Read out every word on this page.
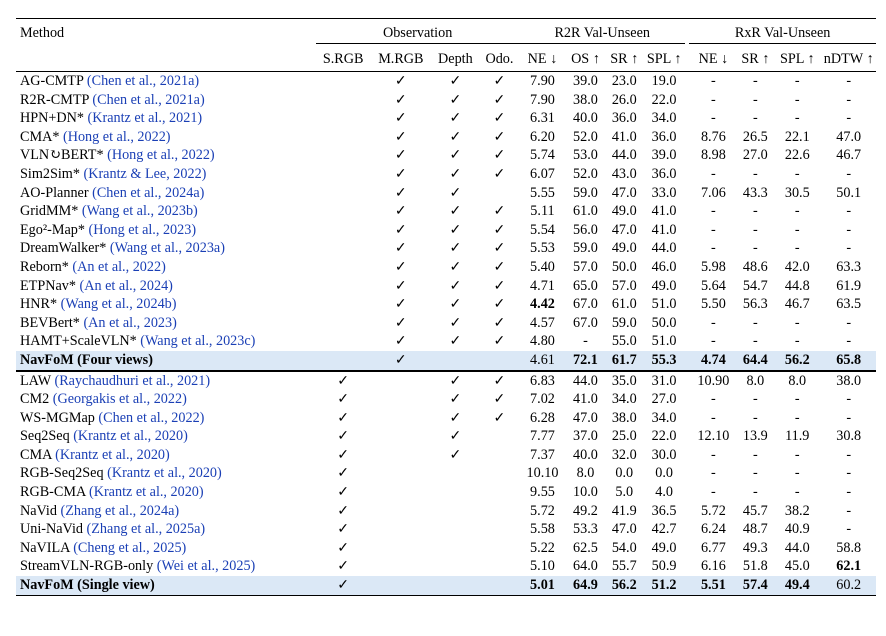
Method	Observation				R2R Val-Unseen					RxR Val-Unseen			
	S.RGB	M.RGB	Depth	Odo.	NE ↓	OS ↑	SR ↑	SPL ↑		NE ↓	SR ↑	SPL ↑	nDTW ↑
AG-CMTP (Chen et al., 2021a)		✓	✓	✓	7.90	39.0	23.0	19.0		-	-	-	-
R2R-CMTP (Chen et al., 2021a)		✓	✓	✓	7.90	38.0	26.0	22.0		-	-	-	-
HPN+DN* (Krantz et al., 2021)		✓	✓	✓	6.31	40.0	36.0	34.0		-	-	-	-
CMA* (Hong et al., 2022)		✓	✓	✓	6.20	52.0	41.0	36.0		8.76	26.5	22.1	47.0
VLN↻BERT* (Hong et al., 2022)		✓	✓	✓	5.74	53.0	44.0	39.0		8.98	27.0	22.6	46.7
Sim2Sim* (Krantz & Lee, 2022)		✓	✓	✓	6.07	52.0	43.0	36.0		-	-	-	-
AO-Planner (Chen et al., 2024a)		✓	✓		5.55	59.0	47.0	33.0		7.06	43.3	30.5	50.1
GridMM* (Wang et al., 2023b)		✓	✓	✓	5.11	61.0	49.0	41.0		-	-	-	-
Ego²-Map* (Hong et al., 2023)		✓	✓	✓	5.54	56.0	47.0	41.0		-	-	-	-
DreamWalker* (Wang et al., 2023a)		✓	✓	✓	5.53	59.0	49.0	44.0		-	-	-	-
Reborn* (An et al., 2022)		✓	✓	✓	5.40	57.0	50.0	46.0		5.98	48.6	42.0	63.3
ETPNav* (An et al., 2024)		✓	✓	✓	4.71	65.0	57.0	49.0		5.64	54.7	44.8	61.9
HNR* (Wang et al., 2024b)		✓	✓	✓	4.42	67.0	61.0	51.0		5.50	56.3	46.7	63.5
BEVBert* (An et al., 2023)		✓	✓	✓	4.57	67.0	59.0	50.0		-	-	-	-
HAMT+ScaleVLN* (Wang et al., 2023c)		✓	✓	✓	4.80	-	55.0	51.0		-	-	-	-
NavFoM (Four views)		✓			4.61	72.1	61.7	55.3		4.74	64.4	56.2	65.8
LAW (Raychaudhuri et al., 2021)	✓		✓	✓	6.83	44.0	35.0	31.0		10.90	8.0	8.0	38.0
CM2 (Georgakis et al., 2022)	✓		✓	✓	7.02	41.0	34.0	27.0		-	-	-	-
WS-MGMap (Chen et al., 2022)	✓		✓	✓	6.28	47.0	38.0	34.0		-	-	-	-
Seq2Seq (Krantz et al., 2020)	✓		✓		7.77	37.0	25.0	22.0		12.10	13.9	11.9	30.8
CMA (Krantz et al., 2020)	✓		✓		7.37	40.0	32.0	30.0		-	-	-	-
RGB-Seq2Seq (Krantz et al., 2020)	✓				10.10	8.0	0.0	0.0		-	-	-	-
RGB-CMA (Krantz et al., 2020)	✓				9.55	10.0	5.0	4.0		-	-	-	-
NaVid (Zhang et al., 2024a)	✓				5.72	49.2	41.9	36.5		5.72	45.7	38.2	-
Uni-NaVid (Zhang et al., 2025a)	✓				5.58	53.3	47.0	42.7		6.24	48.7	40.9	-
NaVILA (Cheng et al., 2025)	✓				5.22	62.5	54.0	49.0		6.77	49.3	44.0	58.8
StreamVLN-RGB-only (Wei et al., 2025)	✓				5.10	64.0	55.7	50.9		6.16	51.8	45.0	62.1
NavFoM (Single view)	✓				5.01	64.9	56.2	51.2		5.51	57.4	49.4	60.2
